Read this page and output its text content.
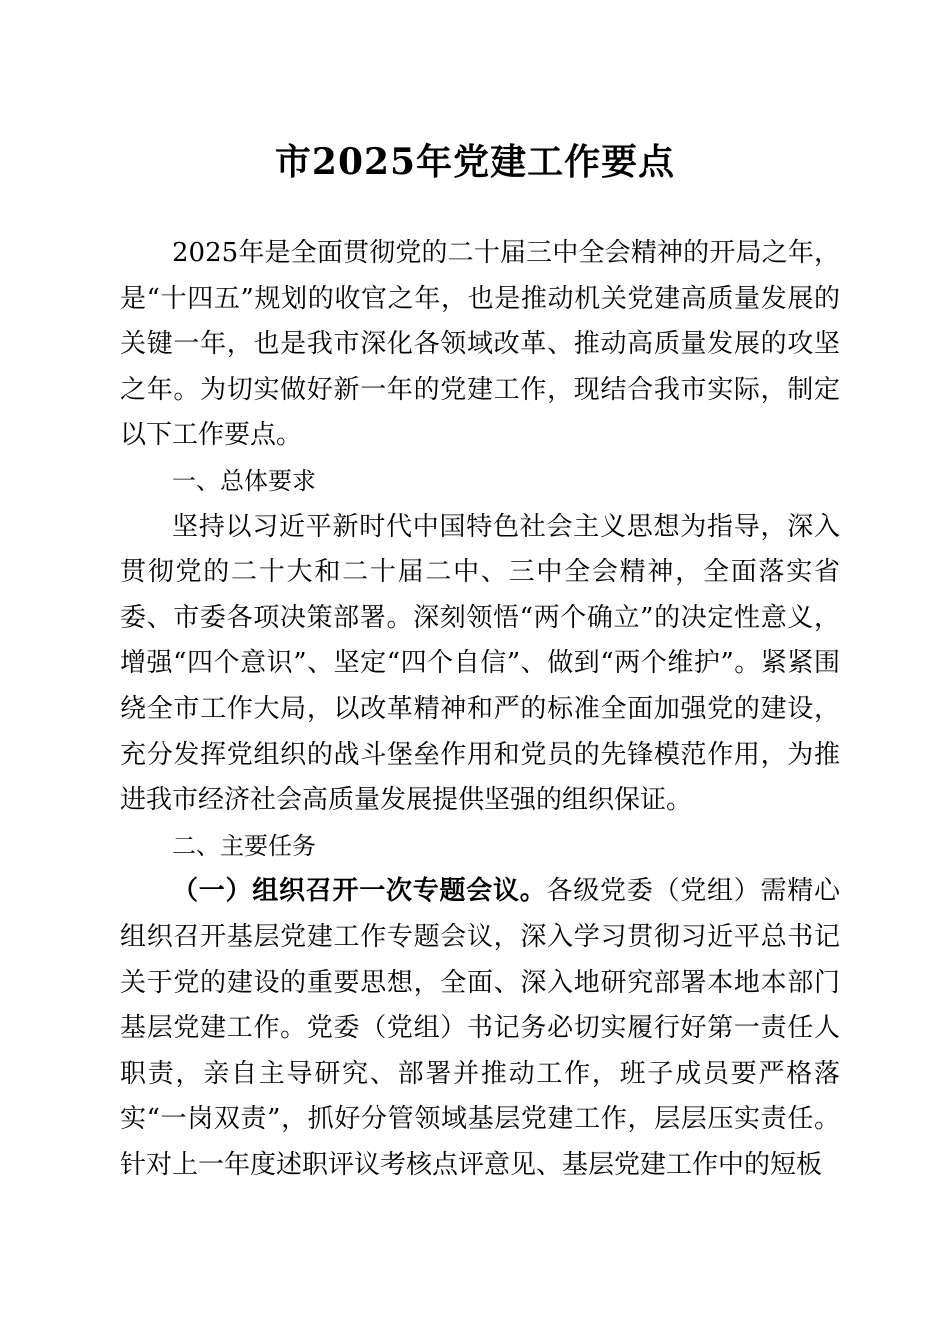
市2025年党建工作要点

2025年是全面贯彻党的二十届三中全会精神的开局之年，是“十四五”规划的收官之年，也是推动机关党建高质量发展的关键一年，也是我市深化各领域改革、推动高质量发展的攻坚之年。为切实做好新一年的党建工作，现结合我市实际，制定以下工作要点。

一、总体要求

坚持以习近平新时代中国特色社会主义思想为指导，深入贯彻党的二十大和二十届二中、三中全会精神，全面落实省委、市委各项决策部署。深刻领悟“两个确立”的决定性意义，增强“四个意识”、坚定“四个自信”、做到“两个维护”。紧紧围绕全市工作大局，以改革精神和严的标准全面加强党的建设，充分发挥党组织的战斗堡垒作用和党员的先锋模范作用，为推进我市经济社会高质量发展提供坚强的组织保证。

二、主要任务

（一）组织召开一次专题会议。各级党委（党组）需精心组织召开基层党建工作专题会议，深入学习贯彻习近平总书记关于党的建设的重要思想，全面、深入地研究部署本地本部门基层党建工作。党委（党组）书记务必切实履行好第一责任人职责，亲自主导研究、部署并推动工作，班子成员要严格落实“一岗双责”，抓好分管领域基层党建工作，层层压实责任。针对上一年度述职评议考核点评意见、基层党建工作中的短板
